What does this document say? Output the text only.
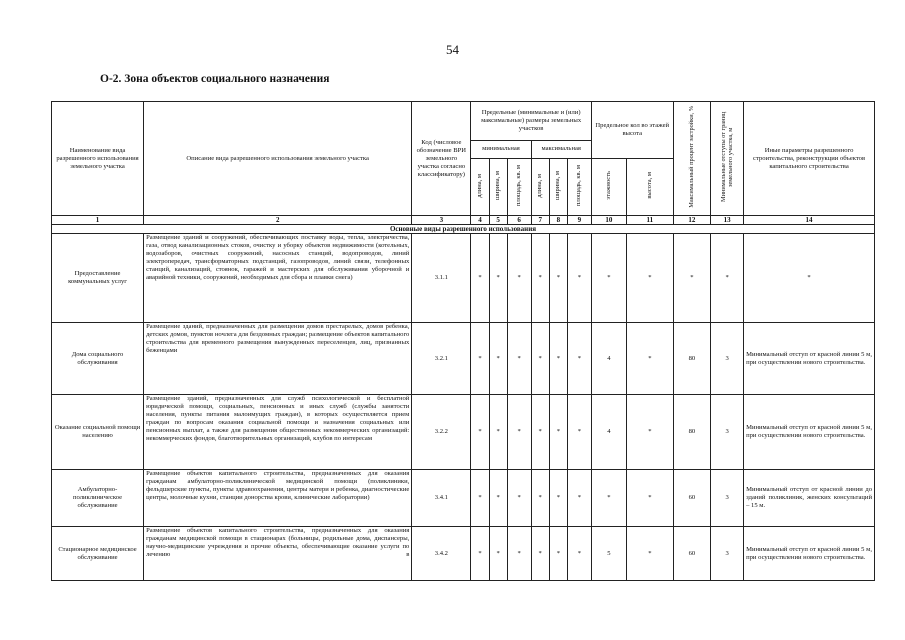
54
О-2. Зона объектов социального назначения
Наименование вида разрешенного использования земельного участка	Описание вида разрешенного использования земельного участка	Код (числовое обозначение ВРИ земельного участка согласно классификатору)	Предельные (минимальные и (или) максимальные) размеры земельных участков						Предельное кол во этажей высота		Максимальный процент застройки, %	Минимальные отступы от границ земельного участка, м	Иные параметры разрешенного строительства, реконструкции объектов капитального строительства
			минимальная			максимальная							
			длина, м	ширина, м	площадь, кв. м	длина, м	ширина, м	площадь, кв. м	этажность	высота, м			
1	2	3	4	5	6	7	8	9	10	11	12	13	14
Основные виды разрешенного использования													
Предоставление коммунальных услуг	Размещение зданий и сооружений, обеспечивающих поставку воды, тепла, электричества, газа, отвод канализационных стоков, очистку и уборку объектов недвижимости (котельных, водозаборов, очистных сооружений, насосных станций, водопроводов, линий электропередач, трансформаторных подстанций, газопроводов, линий связи, телефонных станций, канализаций, стоянок, гаражей и мастерских для обслуживания уборочной и аварийной техники, сооружений, необходимых для сбора и плавки снега)	3.1.1	*	*	*	*	*	*	*	*	*	*	*
Дома социального обслуживания	Размещение зданий, предназначенных для размещения домов престарелых, домов ребенка, детских домов, пунктов ночлега для бездомных граждан; размещение объектов капитального строительства для временного размещения вынужденных переселенцев, лиц, признанных беженцами	3.2.1	*	*	*	*	*	*	4	*	80	3	Минимальный отступ от красной линии 5 м, при осуществлении нового строительства.
Оказание социальной помощи населению	Размещение зданий, предназначенных для служб психологической и бесплатной юридической помощи, социальных, пенсионных и иных служб (службы занятости населения, пункты питания малоимущих граждан), в которых осуществляется прием граждан по вопросам оказания социальной помощи и назначения социальных или пенсионных выплат, а также для размещения общественных некоммерческих организаций: некоммерческих фондов, благотворительных организаций, клубов по интересам	3.2.2	*	*	*	*	*	*	4	*	80	3	Минимальный отступ от красной линии 5 м, при осуществлении нового строительства.
Амбулаторно-поликлиническое обслуживание	Размещение объектов капитального строительства, предназначенных для оказания гражданам амбулаторно-поликлинической медицинской помощи (поликлиники, фельдшерские пункты, пункты здравоохранения, центры матери и ребенка, диагностические центры, молочные кухни, станции донорства крови, клинические лаборатории)	3.4.1	*	*	*	*	*	*	*	*	60	3	Минимальный отступ от красной линии до зданий поликлиник, женских консультаций – 15 м.
Стационарное медицинское обслуживание	Размещение объектов капитального строительства, предназначенных для оказания гражданам медицинской помощи в стационарах (больницы, родильные дома, диспансеры, научно-медицинские учреждения и прочие объекты, обеспечивающие оказание услуги по лечению в	3.4.2	*	*	*	*	*	*	5	*	60	3	Минимальный отступ от красной линии 5 м, при осуществлении нового строительства.
